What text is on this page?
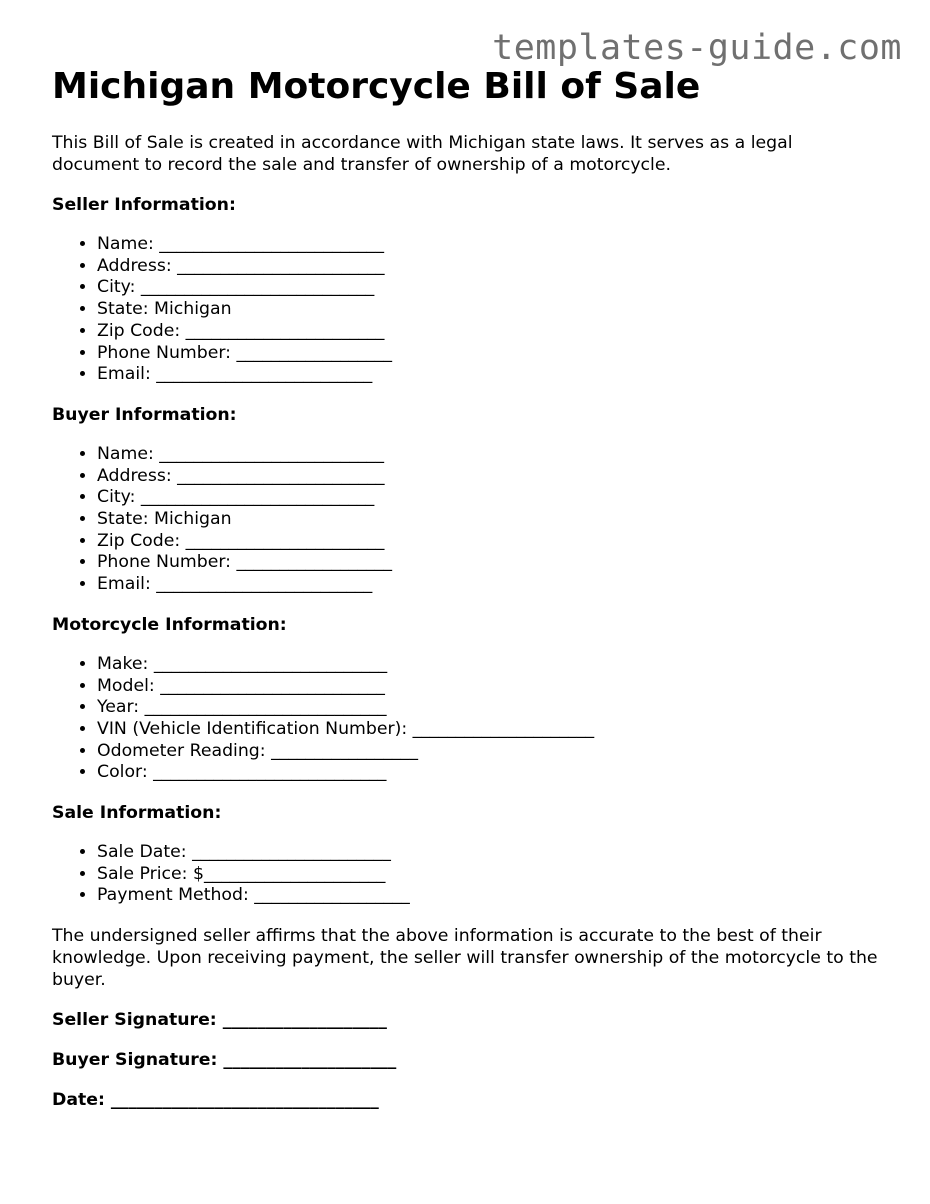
templates-guide.com
Michigan Motorcycle Bill of Sale

This Bill of Sale is created in accordance with Michigan state laws. It serves as a legal document to record the sale and transfer of ownership of a motorcycle.

Seller Information:
• Name: __________________________
• Address: ________________________
• City: ___________________________
• State: Michigan
• Zip Code: _______________________
• Phone Number: __________________
• Email: _________________________
Buyer Information:
• Name: __________________________
• Address: ________________________
• City: ___________________________
• State: Michigan
• Zip Code: _______________________
• Phone Number: __________________
• Email: _________________________
Motorcycle Information:
• Make: ___________________________
• Model: __________________________
• Year: ____________________________
• VIN (Vehicle Identification Number): _____________________
• Odometer Reading: _________________
• Color: ___________________________
Sale Information:
• Sale Date: _______________________
• Sale Price: $_____________________
• Payment Method: __________________

The undersigned seller affirms that the above information is accurate to the best of their knowledge. Upon receiving payment, the seller will transfer ownership of the motorcycle to the buyer.

Seller Signature: ___________________
Buyer Signature: ____________________
Date: _______________________________
